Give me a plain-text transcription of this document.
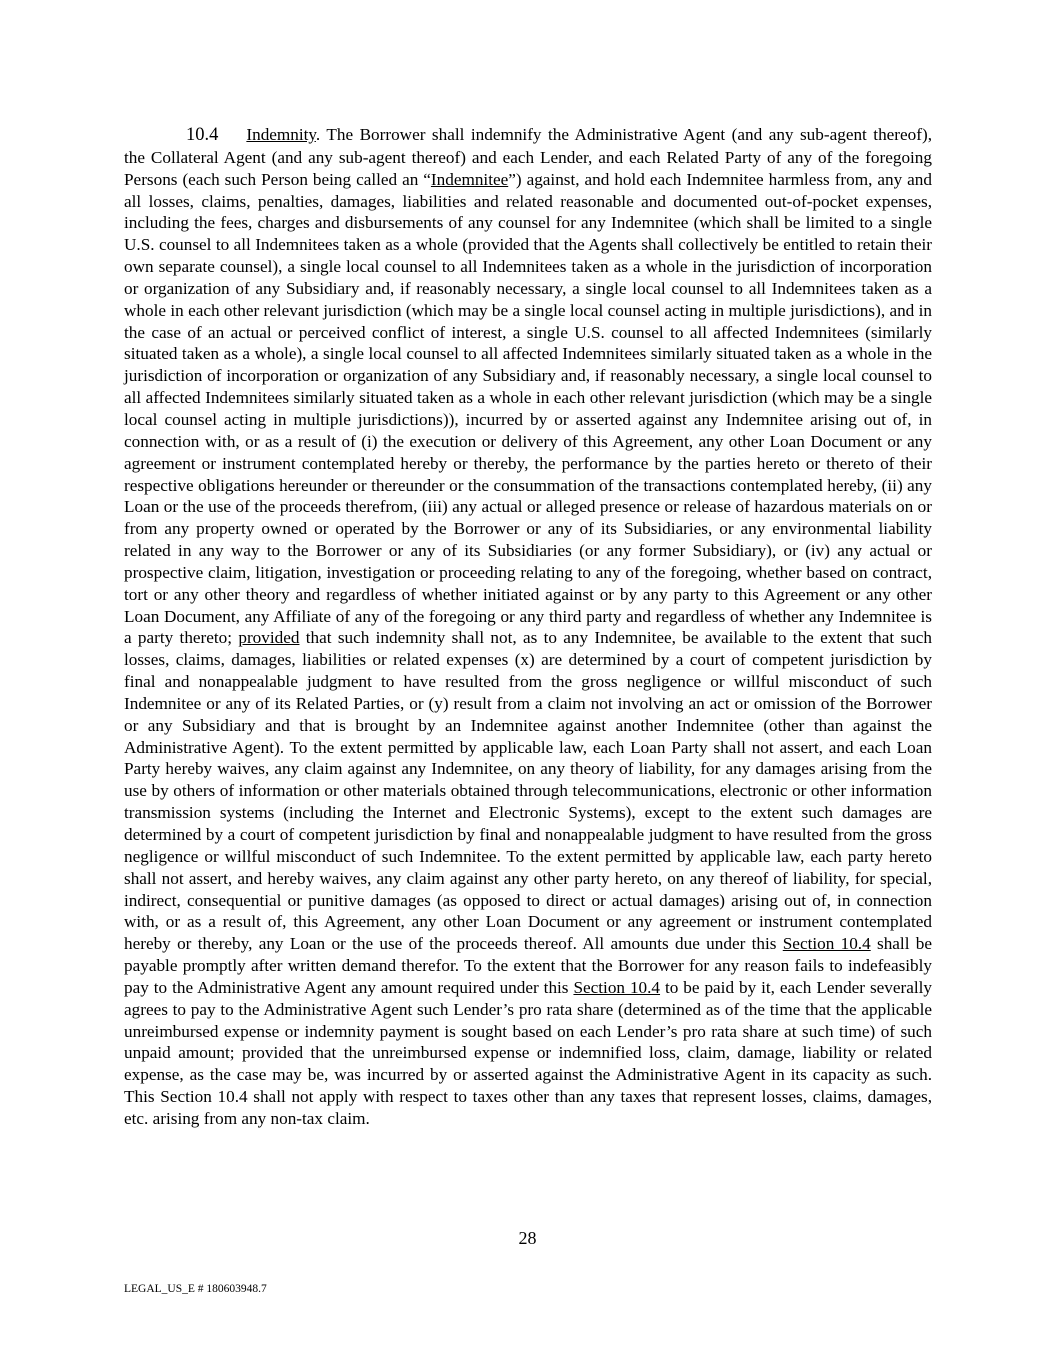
10.4 Indemnity. The Borrower shall indemnify the Administrative Agent (and any sub-agent thereof), the Collateral Agent (and any sub-agent thereof) and each Lender, and each Related Party of any of the foregoing Persons (each such Person being called an “Indemnitee”) against, and hold each Indemnitee harmless from, any and all losses, claims, penalties, damages, liabilities and related reasonable and documented out-of-pocket expenses, including the fees, charges and disbursements of any counsel for any Indemnitee (which shall be limited to a single U.S. counsel to all Indemnitees taken as a whole (provided that the Agents shall collectively be entitled to retain their own separate counsel), a single local counsel to all Indemnitees taken as a whole in the jurisdiction of incorporation or organization of any Subsidiary and, if reasonably necessary, a single local counsel to all Indemnitees taken as a whole in each other relevant jurisdiction (which may be a single local counsel acting in multiple jurisdictions), and in the case of an actual or perceived conflict of interest, a single U.S. counsel to all affected Indemnitees (similarly situated taken as a whole), a single local counsel to all affected Indemnitees similarly situated taken as a whole in the jurisdiction of incorporation or organization of any Subsidiary and, if reasonably necessary, a single local counsel to all affected Indemnitees similarly situated taken as a whole in each other relevant jurisdiction (which may be a single local counsel acting in multiple jurisdictions)), incurred by or asserted against any Indemnitee arising out of, in connection with, or as a result of (i) the execution or delivery of this Agreement, any other Loan Document or any agreement or instrument contemplated hereby or thereby, the performance by the parties hereto or thereto of their respective obligations hereunder or thereunder or the consummation of the transactions contemplated hereby, (ii) any Loan or the use of the proceeds therefrom, (iii) any actual or alleged presence or release of hazardous materials on or from any property owned or operated by the Borrower or any of its Subsidiaries, or any environmental liability related in any way to the Borrower or any of its Subsidiaries (or any former Subsidiary), or (iv) any actual or prospective claim, litigation, investigation or proceeding relating to any of the foregoing, whether based on contract, tort or any other theory and regardless of whether initiated against or by any party to this Agreement or any other Loan Document, any Affiliate of any of the foregoing or any third party and regardless of whether any Indemnitee is a party thereto; provided that such indemnity shall not, as to any Indemnitee, be available to the extent that such losses, claims, damages, liabilities or related expenses (x) are determined by a court of competent jurisdiction by final and nonappealable judgment to have resulted from the gross negligence or willful misconduct of such Indemnitee or any of its Related Parties, or (y) result from a claim not involving an act or omission of the Borrower or any Subsidiary and that is brought by an Indemnitee against another Indemnitee (other than against the Administrative Agent). To the extent permitted by applicable law, each Loan Party shall not assert, and each Loan Party hereby waives, any claim against any Indemnitee, on any theory of liability, for any damages arising from the use by others of information or other materials obtained through telecommunications, electronic or other information transmission systems (including the Internet and Electronic Systems), except to the extent such damages are determined by a court of competent jurisdiction by final and nonappealable judgment to have resulted from the gross negligence or willful misconduct of such Indemnitee. To the extent permitted by applicable law, each party hereto shall not assert, and hereby waives, any claim against any other party hereto, on any thereof of liability, for special, indirect, consequential or punitive damages (as opposed to direct or actual damages) arising out of, in connection with, or as a result of, this Agreement, any other Loan Document or any agreement or instrument contemplated hereby or thereby, any Loan or the use of the proceeds thereof. All amounts due under this Section 10.4 shall be payable promptly after written demand therefor. To the extent that the Borrower for any reason fails to indefeasibly pay to the Administrative Agent any amount required under this Section 10.4 to be paid by it, each Lender severally agrees to pay to the Administrative Agent such Lender’s pro rata share (determined as of the time that the applicable unreimbursed expense or indemnity payment is sought based on each Lender’s pro rata share at such time) of such unpaid amount; provided that the unreimbursed expense or indemnified loss, claim, damage, liability or related expense, as the case may be, was incurred by or asserted against the Administrative Agent in its capacity as such. This Section 10.4 shall not apply with respect to taxes other than any taxes that represent losses, claims, damages, etc. arising from any non-tax claim.

28
LEGAL_US_E # 180603948.7
